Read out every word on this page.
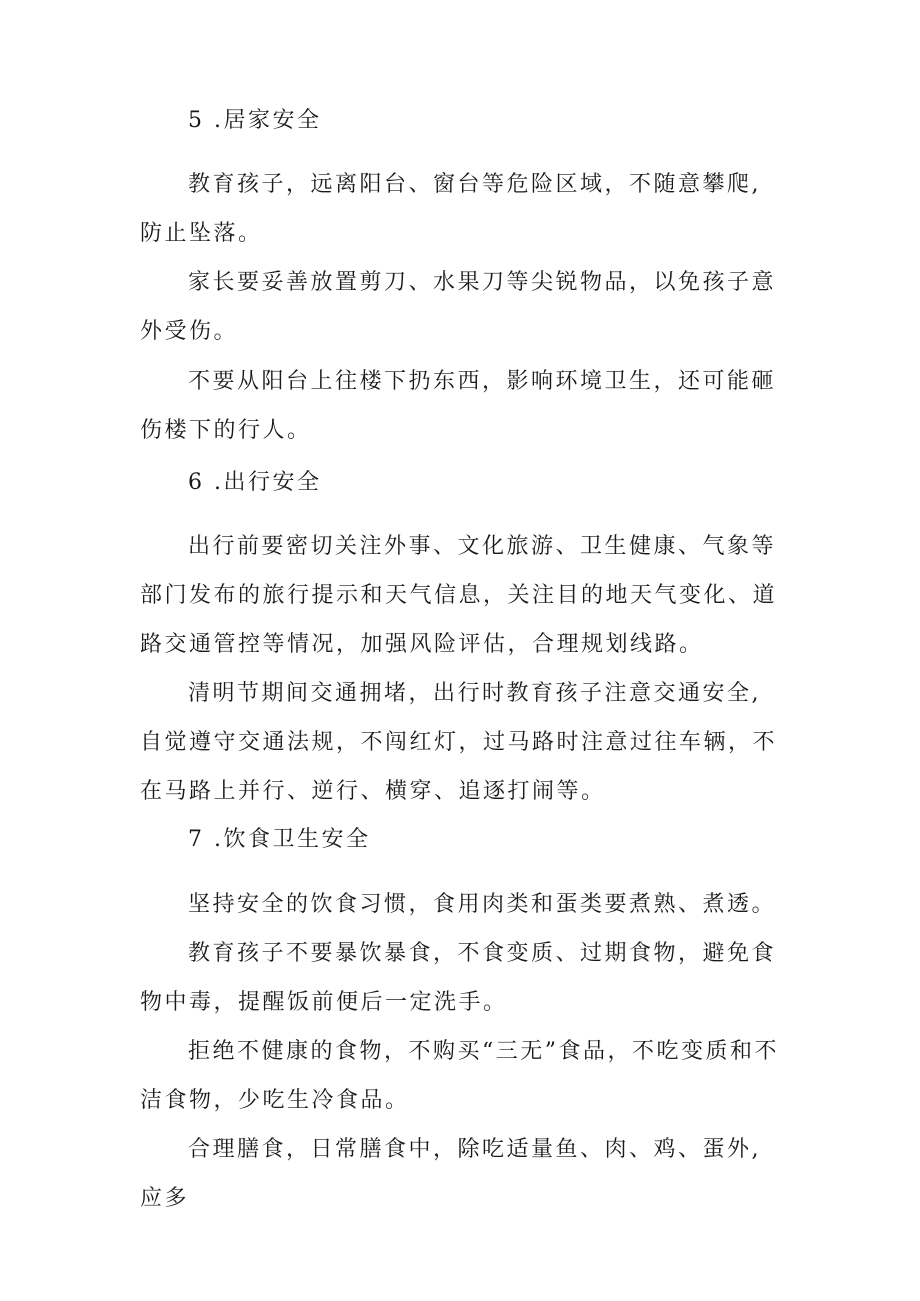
5 .居家安全

教育孩子，远离阳台、窗台等危险区域，不随意攀爬,防止坠落。

家长要妥善放置剪刀、水果刀等尖锐物品，以免孩子意外受伤。

不要从阳台上往楼下扔东西，影响环境卫生，还可能砸伤楼下的行人。

6 .出行安全

出行前要密切关注外事、文化旅游、卫生健康、气象等部门发布的旅行提示和天气信息，关注目的地天气变化、道路交通管控等情况，加强风险评估，合理规划线路。

清明节期间交通拥堵，出行时教育孩子注意交通安全,自觉遵守交通法规，不闯红灯，过马路时注意过往车辆，不在马路上并行、逆行、横穿、追逐打闹等。

7 .饮食卫生安全

坚持安全的饮食习惯，食用肉类和蛋类要煮熟、煮透。

教育孩子不要暴饮暴食，不食变质、过期食物，避免食物中毒，提醒饭前便后一定洗手。

拒绝不健康的食物，不购买“三无”食品，不吃变质和不洁食物，少吃生冷食品。

合理膳食，日常膳食中，除吃适量鱼、肉、鸡、蛋外,应多
